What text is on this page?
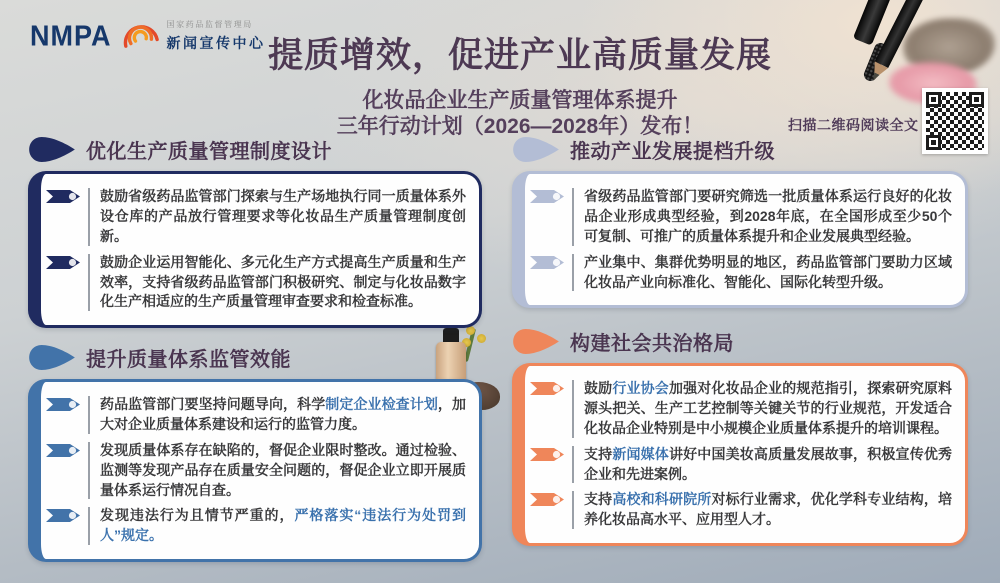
NMPA	国家药品监督管理局
新闻宣传中心 提质增效，促进产业高质量发展
化妆品企业生产质量管理体系提升
三年行动计划（2026—2028年）发布！	扫描二维码阅读全文
优化生产质量管理制度设计
鼓励省级药品监管部门探索与生产场地执行同一质量体系外设仓库的产品放行管理要求等化妆品生产质量管理制度创新。
鼓励企业运用智能化、多元化生产方式提高生产质量和生产效率，支持省级药品监管部门积极研究、制定与化妆品数字化生产相适应的生产质量管理审查要求和检查标准。
提升质量体系监管效能
药品监管部门要坚持问题导向，科学制定企业检查计划，加大对企业质量体系建设和运行的监管力度。
发现质量体系存在缺陷的，督促企业限时整改。通过检验、监测等发现产品存在质量安全问题的，督促企业立即开展质量体系运行情况自查。
发现违法行为且情节严重的，严格落实“违法行为处罚到人”规定。
推动产业发展提档升级
省级药品监管部门要研究筛选一批质量体系运行良好的化妆品企业形成典型经验，到2028年底，在全国形成至少50个可复制、可推广的质量体系提升和企业发展典型经验。
产业集中、集群优势明显的地区，药品监管部门要助力区域化妆品产业向标准化、智能化、国际化转型升级。
构建社会共治格局
鼓励行业协会加强对化妆品企业的规范指引，探索研究原料源头把关、生产工艺控制等关键关节的行业规范，开发适合化妆品企业特别是中小规模企业质量体系提升的培训课程。
支持新闻媒体讲好中国美妆高质量发展故事，积极宣传优秀企业和先进案例。
支持高校和科研院所对标行业需求，优化学科专业结构，培养化妆品高水平、应用型人才。
